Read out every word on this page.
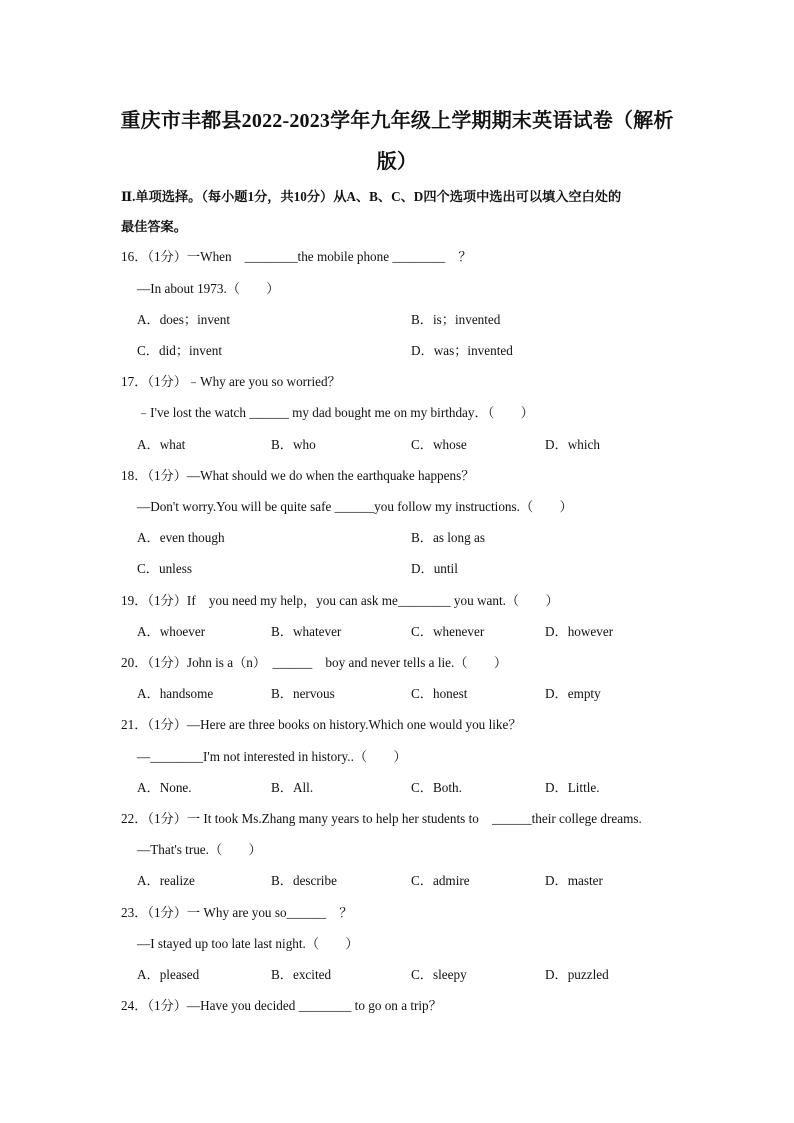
重庆市丰都县2022-2023学年九年级上学期期末英语试卷（解析
版）
Ⅱ.单项选择。（每小题1分，共10分）从A、B、C、D四个选项中选出可以填入空白处的
最佳答案。
16．（1分）一When　________the mobile phone ________　？
—In about 1973.（　　）
A．does；invent	B．is；invented
C．did；invent	D．was；invented
17．（1分）﹣Why are you so worried？
﹣I've lost the watch ______ my dad bought me on my birthday．（　　）
A．what	B．who	C．whose	D．which
18．（1分）—What should we do when the earthquake happens？
—Don't worry.You will be quite safe ______you follow my instructions.（　　）
A．even though	B．as long as
C．unless	D．until
19．（1分）If　you need my help，you can ask me________ you want.（　　）
A．whoever	B．whatever	C．whenever	D．however
20．（1分）John is a（n）　______　boy and never tells a lie.（　　）
A．handsome	B．nervous	C．honest	D．empty
21．（1分）—Here are three books on history.Which one would you like？
—________I'm not interested in history..（　　）
A．None.	B．All.	C．Both.	D．Little.
22．（1分）一 It took Ms.Zhang many years to help her students to　______their college dreams.
—That's true.（　　）
A．realize	B．describe	C．admire	D．master
23．（1分）一 Why are you so______　？
—I stayed up too late last night.（　　）
A．pleased	B．excited	C．sleepy	D．puzzled
24．（1分）—Have you decided ________ to go on a trip？
